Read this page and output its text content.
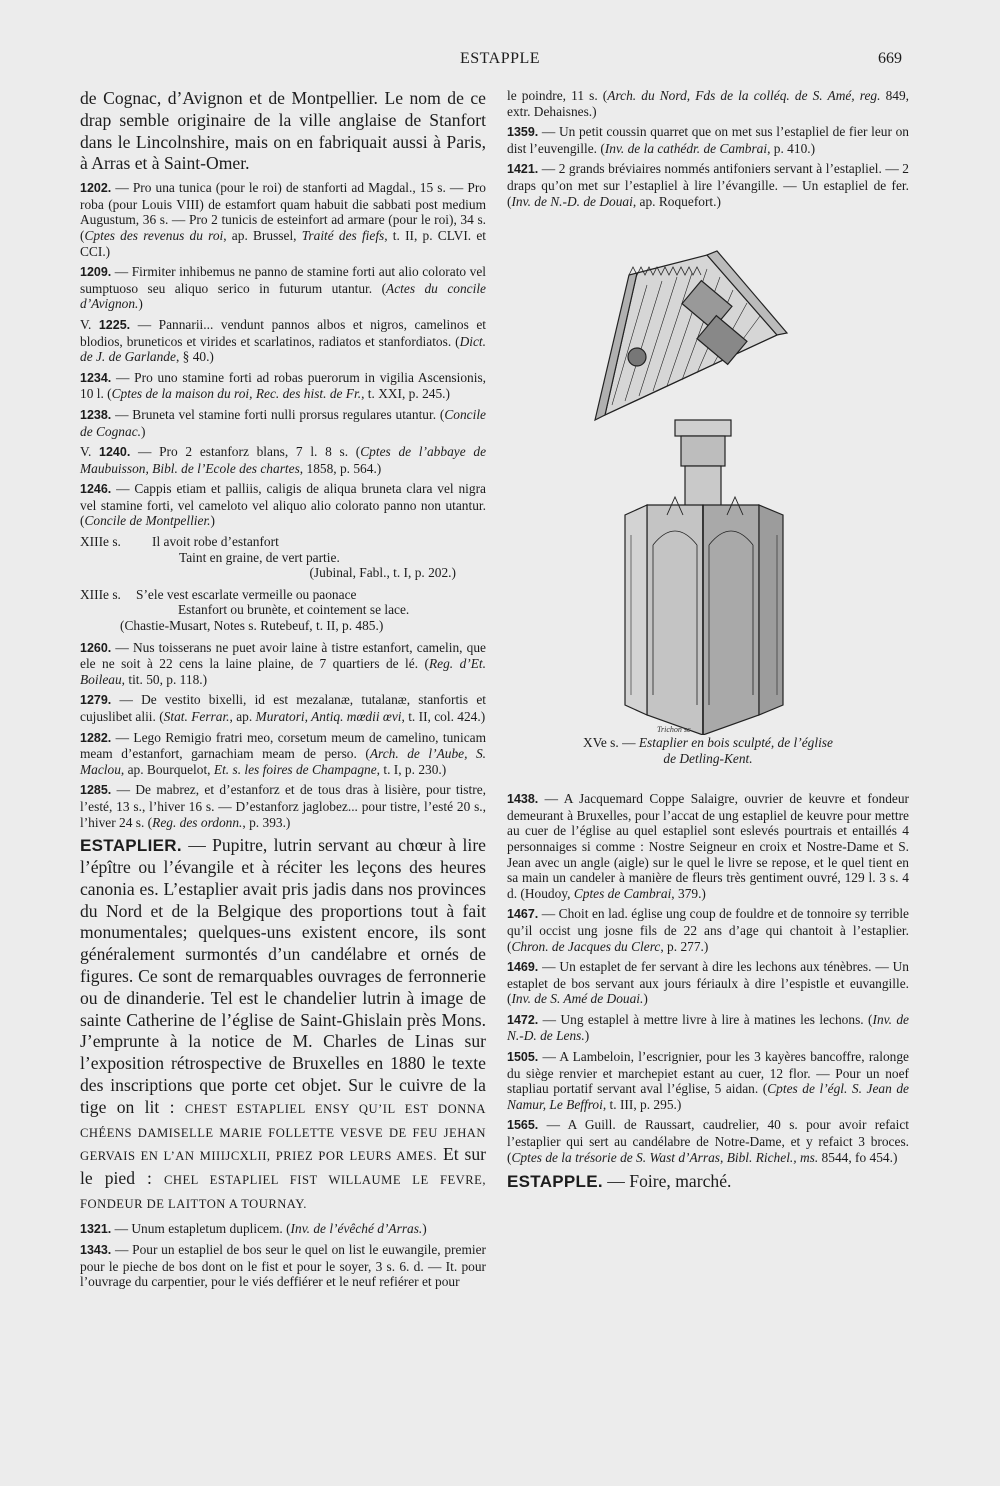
ESTAPPLE	669

de Cognac, d’Avignon et de Montpellier. Le nom de ce drap semble originaire de la ville anglaise de Stanfort dans le Lincolnshire, mais on en fabriquait aussi à Paris, à Arras et à Saint-Omer.

1202. — Pro una tunica (pour le roi) de stanforti ad Magdal., 15 s. — Pro roba (pour Louis VIII) de estamfort quam habuit die sabbati post medium Augustum, 36 s. — Pro 2 tunicis de esteinfort ad armare (pour le roi), 34 s. (Cptes des revenus du roi, ap. Brussel, Traité des fiefs, t. II, p. CLVI. et CCI.)

1209. — Firmiter inhibemus ne panno de stamine forti aut alio colorato vel sumptuoso seu aliquo serico in futurum utantur. (Actes du concile d’Avignon.)

V. 1225. — Pannarii... vendunt pannos albos et nigros, camelinos et blodios, bruneticos et virides et scarlatinos, radiatos et stanfordiatos. (Dict. de J. de Garlande, § 40.)

1234. — Pro uno stamine forti ad robas puerorum in vigilia Ascensionis, 10 l. (Cptes de la maison du roi, Rec. des hist. de Fr., t. XXI, p. 245.)

1238. — Bruneta vel stamine forti nulli prorsus regulares utantur. (Concile de Cognac.)

V. 1240. — Pro 2 estanforz blans, 7 l. 8 s. (Cptes de l’abbaye de Maubuisson, Bibl. de l’Ecole des chartes, 1858, p. 564.)

1246. — Cappis etiam et palliis, caligis de aliqua bruneta clara vel nigra vel stamine forti, vel cameloto vel aliquo alio colorato panno non utantur. (Concile de Montpellier.)

XIIIe s.	Il avoit robe d’estanfort
Taint en graine, de vert partie.
(Jubinal, Fabl., t. I, p. 202.)
XIIIe s.	S’ele vest escarlate vermeille ou paonace
Estanfort ou brunète, et cointement se lace.
(Chastie-Musart, Notes s. Rutebeuf, t. II, p. 485.)

1260. — Nus toisserans ne puet avoir laine à tistre estanfort, camelin, que ele ne soit à 22 cens la laine plaine, de 7 quartiers de lé. (Reg. d’Et. Boileau, tit. 50, p. 118.)

1279. — De vestito bixelli, id est mezalanæ, tutalanæ, stanfortis et cujuslibet alii. (Stat. Ferrar., ap. Muratori, Antiq. mœdii œvi, t. II, col. 424.)

1282. — Lego Remigio fratri meo, corsetum meum de camelino, tunicam meam d’estanfort, garnachiam meam de perso. (Arch. de l’Aube, S. Maclou, ap. Bourquelot, Et. s. les foires de Champagne, t. I, p. 230.)

1285. — De mabrez, et d’estanforz et de tous dras à lisière, pour tistre, l’esté, 13 s., l’hiver 16 s. — D’estanforz jaglobez... pour tistre, l’esté 20 s., l’hiver 24 s. (Reg. des ordonn., p. 393.)

ESTAPLIER. — Pupitre, lutrin servant au chœur à lire l’épître ou l’évangile et à réciter les leçons des heures canonia es. L’estaplier avait pris jadis dans nos provinces du Nord et de la Belgique des proportions tout à fait monumentales; quelques-uns existent encore, ils sont généralement surmontés d’un candélabre et ornés de figures. Ce sont de remarquables ouvrages de ferronnerie ou de dinanderie. Tel est le chandelier lutrin à image de sainte Catherine de l’église de Saint-Ghislain près Mons. J’emprunte à la notice de M. Charles de Linas sur l’exposition rétrospective de Bruxelles en 1880 le texte des inscriptions que porte cet objet. Sur le cuivre de la tige on lit : CHEST ESTAPLIEL ENSY QU’IL EST DONNA CHÉENS DAMISELLE MARIE FOLLETTE VESVE DE FEU JEHAN GERVAIS EN L’AN MIIIJCXLII, PRIEZ POR LEURS AMES. Et sur le pied : CHEL ESTAPLIEL FIST WILLAUME LE FEVRE, FONDEUR DE LAITTON A TOURNAY.

1321. — Unum estapletum duplicem. (Inv. de l’évêché d’Arras.)

1343. — Pour un estapliel de bos seur le quel on list le euwangile, premier pour le pieche de bos dont on le fist et pour le soyer, 3 s. 6. d. — It. pour l’ouvrage du carpentier, pour le viés deffiérer et le neuf refiérer et pour

le poindre, 11 s. (Arch. du Nord, Fds de la colléq. de S. Amé, reg. 849, extr. Dehaisnes.)

1359. — Un petit coussin quarret que on met sus l’estapliel de fier leur on dist l’euvengille. (Inv. de la cathédr. de Cambrai, p. 410.)

1421. — 2 grands bréviaires nommés antifoniers servant à l’estapliel. — 2 draps qu’on met sur l’estapliel à lire l’évangille. — Un estapliel de fer. (Inv. de N.-D. de Douai, ap. Roquefort.)

Trichon sc
XVe s. — Estaplier en bois sculpté, de l’église
de Detling-Kent.

1438. — A Jacquemard Coppe Salaigre, ouvrier de keuvre et fondeur demeurant à Bruxelles, pour l’accat de ung estapliel de keuvre pour mettre au cuer de l’église au quel estapliel sont eslevés pourtrais et entaillés 4 personnaiges si comme : Nostre Seigneur en croix et Nostre-Dame et S. Jean avec un angle (aigle) sur le quel le livre se repose, et le quel tient en sa main un candeler à manière de fleurs très gentiment ouvré, 129 l. 3 s. 4 d. (Houdoy, Cptes de Cambrai, 379.)

1467. — Choit en lad. église ung coup de fouldre et de tonnoire sy terrible qu’il occist ung josne fils de 22 ans d’age qui chantoit à l’estaplier. (Chron. de Jacques du Clerc, p. 277.)

1469. — Un estaplet de fer servant à dire les lechons aux ténèbres. — Un estaplet de bos servant aux jours fériaulx à dire l’espistle et euvangille. (Inv. de S. Amé de Douai.)

1472. — Ung estaplel à mettre livre à lire à matines les lechons. (Inv. de N.-D. de Lens.)

1505. — A Lambeloin, l’escrignier, pour les 3 kayères bancoffre, ralonge du siège renvier et marchepiet estant au cuer, 12 flor. — Pour un noef stapliau portatif servant aval l’église, 5 aidan. (Cptes de l’égl. S. Jean de Namur, Le Beffroi, t. III, p. 295.)

1565. — A Guill. de Raussart, caudrelier, 40 s. pour avoir refaict l’estaplier qui sert au candélabre de Notre-Dame, et y refaict 3 broces. (Cptes de la trésorie de S. Wast d’Arras, Bibl. Richel., ms. 8544, fo 454.)

ESTAPPLE. — Foire, marché.
